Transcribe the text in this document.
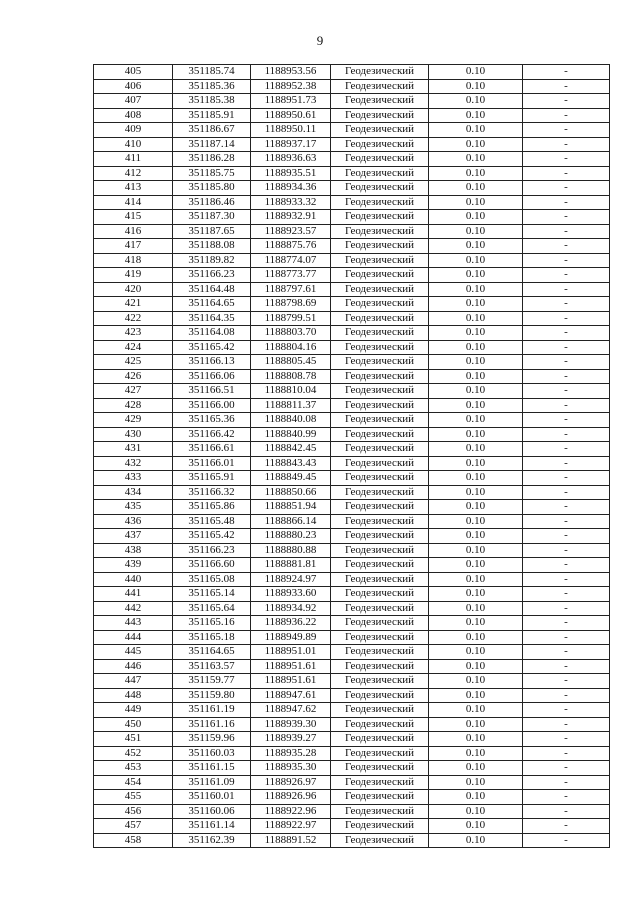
9
405	351185.74	1188953.56	Геодезический	0.10	-
406	351185.36	1188952.38	Геодезический	0.10	-
407	351185.38	1188951.73	Геодезический	0.10	-
408	351185.91	1188950.61	Геодезический	0.10	-
409	351186.67	1188950.11	Геодезический	0.10	-
410	351187.14	1188937.17	Геодезический	0.10	-
411	351186.28	1188936.63	Геодезический	0.10	-
412	351185.75	1188935.51	Геодезический	0.10	-
413	351185.80	1188934.36	Геодезический	0.10	-
414	351186.46	1188933.32	Геодезический	0.10	-
415	351187.30	1188932.91	Геодезический	0.10	-
416	351187.65	1188923.57	Геодезический	0.10	-
417	351188.08	1188875.76	Геодезический	0.10	-
418	351189.82	1188774.07	Геодезический	0.10	-
419	351166.23	1188773.77	Геодезический	0.10	-
420	351164.48	1188797.61	Геодезический	0.10	-
421	351164.65	1188798.69	Геодезический	0.10	-
422	351164.35	1188799.51	Геодезический	0.10	-
423	351164.08	1188803.70	Геодезический	0.10	-
424	351165.42	1188804.16	Геодезический	0.10	-
425	351166.13	1188805.45	Геодезический	0.10	-
426	351166.06	1188808.78	Геодезический	0.10	-
427	351166.51	1188810.04	Геодезический	0.10	-
428	351166.00	1188811.37	Геодезический	0.10	-
429	351165.36	1188840.08	Геодезический	0.10	-
430	351166.42	1188840.99	Геодезический	0.10	-
431	351166.61	1188842.45	Геодезический	0.10	-
432	351166.01	1188843.43	Геодезический	0.10	-
433	351165.91	1188849.45	Геодезический	0.10	-
434	351166.32	1188850.66	Геодезический	0.10	-
435	351165.86	1188851.94	Геодезический	0.10	-
436	351165.48	1188866.14	Геодезический	0.10	-
437	351165.42	1188880.23	Геодезический	0.10	-
438	351166.23	1188880.88	Геодезический	0.10	-
439	351166.60	1188881.81	Геодезический	0.10	-
440	351165.08	1188924.97	Геодезический	0.10	-
441	351165.14	1188933.60	Геодезический	0.10	-
442	351165.64	1188934.92	Геодезический	0.10	-
443	351165.16	1188936.22	Геодезический	0.10	-
444	351165.18	1188949.89	Геодезический	0.10	-
445	351164.65	1188951.01	Геодезический	0.10	-
446	351163.57	1188951.61	Геодезический	0.10	-
447	351159.77	1188951.61	Геодезический	0.10	-
448	351159.80	1188947.61	Геодезический	0.10	-
449	351161.19	1188947.62	Геодезический	0.10	-
450	351161.16	1188939.30	Геодезический	0.10	-
451	351159.96	1188939.27	Геодезический	0.10	-
452	351160.03	1188935.28	Геодезический	0.10	-
453	351161.15	1188935.30	Геодезический	0.10	-
454	351161.09	1188926.97	Геодезический	0.10	-
455	351160.01	1188926.96	Геодезический	0.10	-
456	351160.06	1188922.96	Геодезический	0.10	-
457	351161.14	1188922.97	Геодезический	0.10	-
458	351162.39	1188891.52	Геодезический	0.10	-
